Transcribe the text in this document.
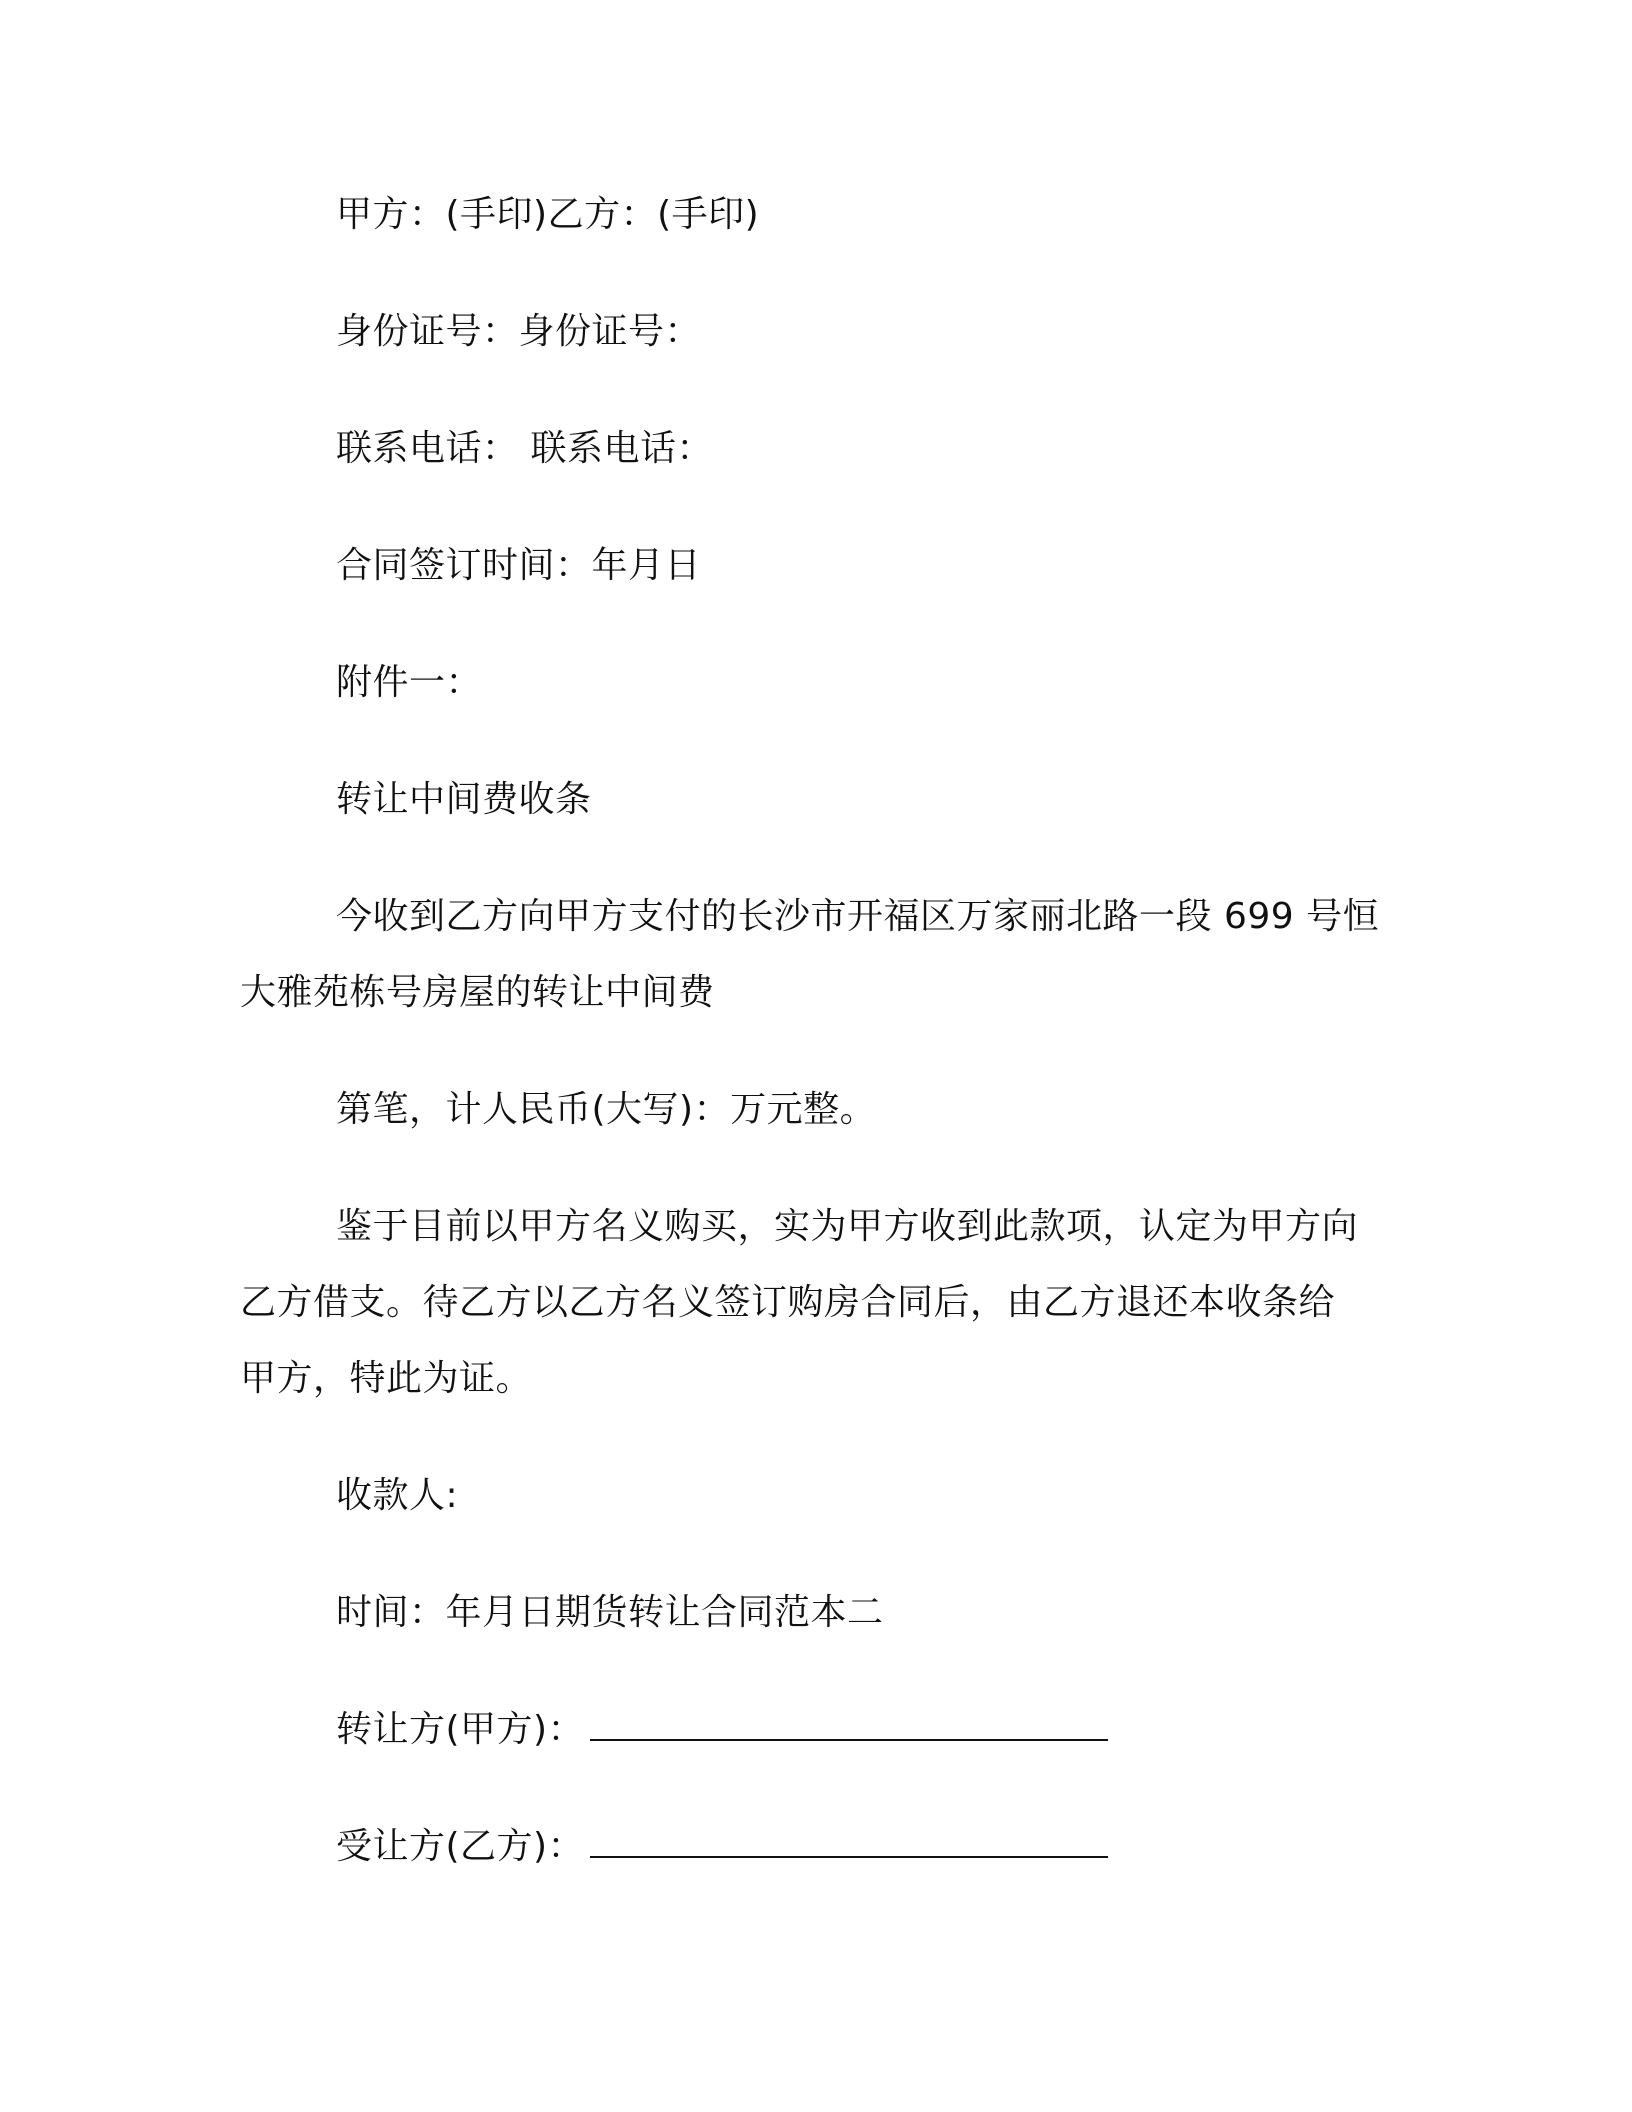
甲方：(手印)乙方：(手印)

身份证号：身份证号：

联系电话： 联系电话：

合同签订时间：年月日

附件一：

转让中间费收条

今收到乙方向甲方支付的长沙市开福区万家丽北路一段 699 号恒
大雅苑栋号房屋的转让中间费

第笔，计人民币(大写)：万元整。

鉴于目前以甲方名义购买，实为甲方收到此款项，认定为甲方向
乙方借支。待乙方以乙方名义签订购房合同后，由乙方退还本收条给
甲方，特此为证。

收款人:

时间：年月日期货转让合同范本二

转让方(甲方)：

受让方(乙方)：
